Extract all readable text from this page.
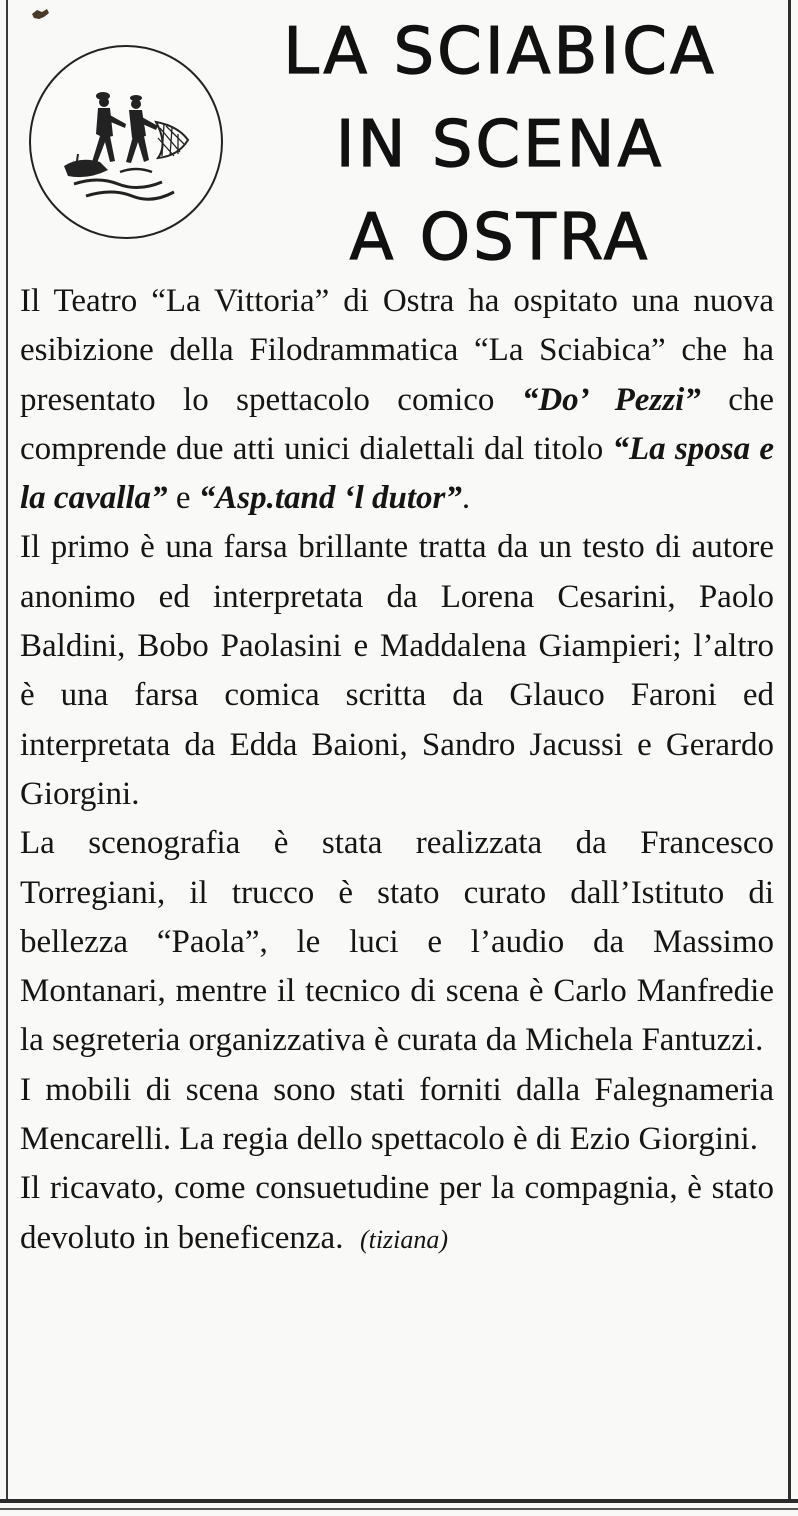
LA SCIABICA
IN SCENA
A OSTRA

Il Teatro “La Vittoria” di Ostra ha ospitato una nuova esibizione della Filodrammatica “La Sciabica” che ha presentato lo spettacolo comico “Do’ Pezzi” che comprende due atti unici dialettali dal titolo “La sposa e la cavalla” e “Asp.tand ‘l dutor”.

Il primo è una farsa brillante tratta da un testo di autore anonimo ed interpretata da Lorena Cesarini, Paolo Baldini, Bobo Paolasini e Maddalena Giampieri; l’altro è una farsa comica scritta da Glauco Faroni ed interpretata da Edda Baioni, Sandro Jacussi e Gerardo Giorgini.

La scenografia è stata realizzata da Francesco Torregiani, il trucco è stato curato dall’Istituto di bellezza “Paola”, le luci e l’audio da Massimo Montanari, mentre il tecnico di scena è Carlo Manfredie la segreteria organizzativa è curata da Michela Fantuzzi.

I mobili di scena sono stati forniti dalla Falegnameria Mencarelli. La regia dello spettacolo è di Ezio Giorgini.

Il ricavato, come consuetudine per la compagnia, è stato devoluto in beneficenza. (tiziana)
